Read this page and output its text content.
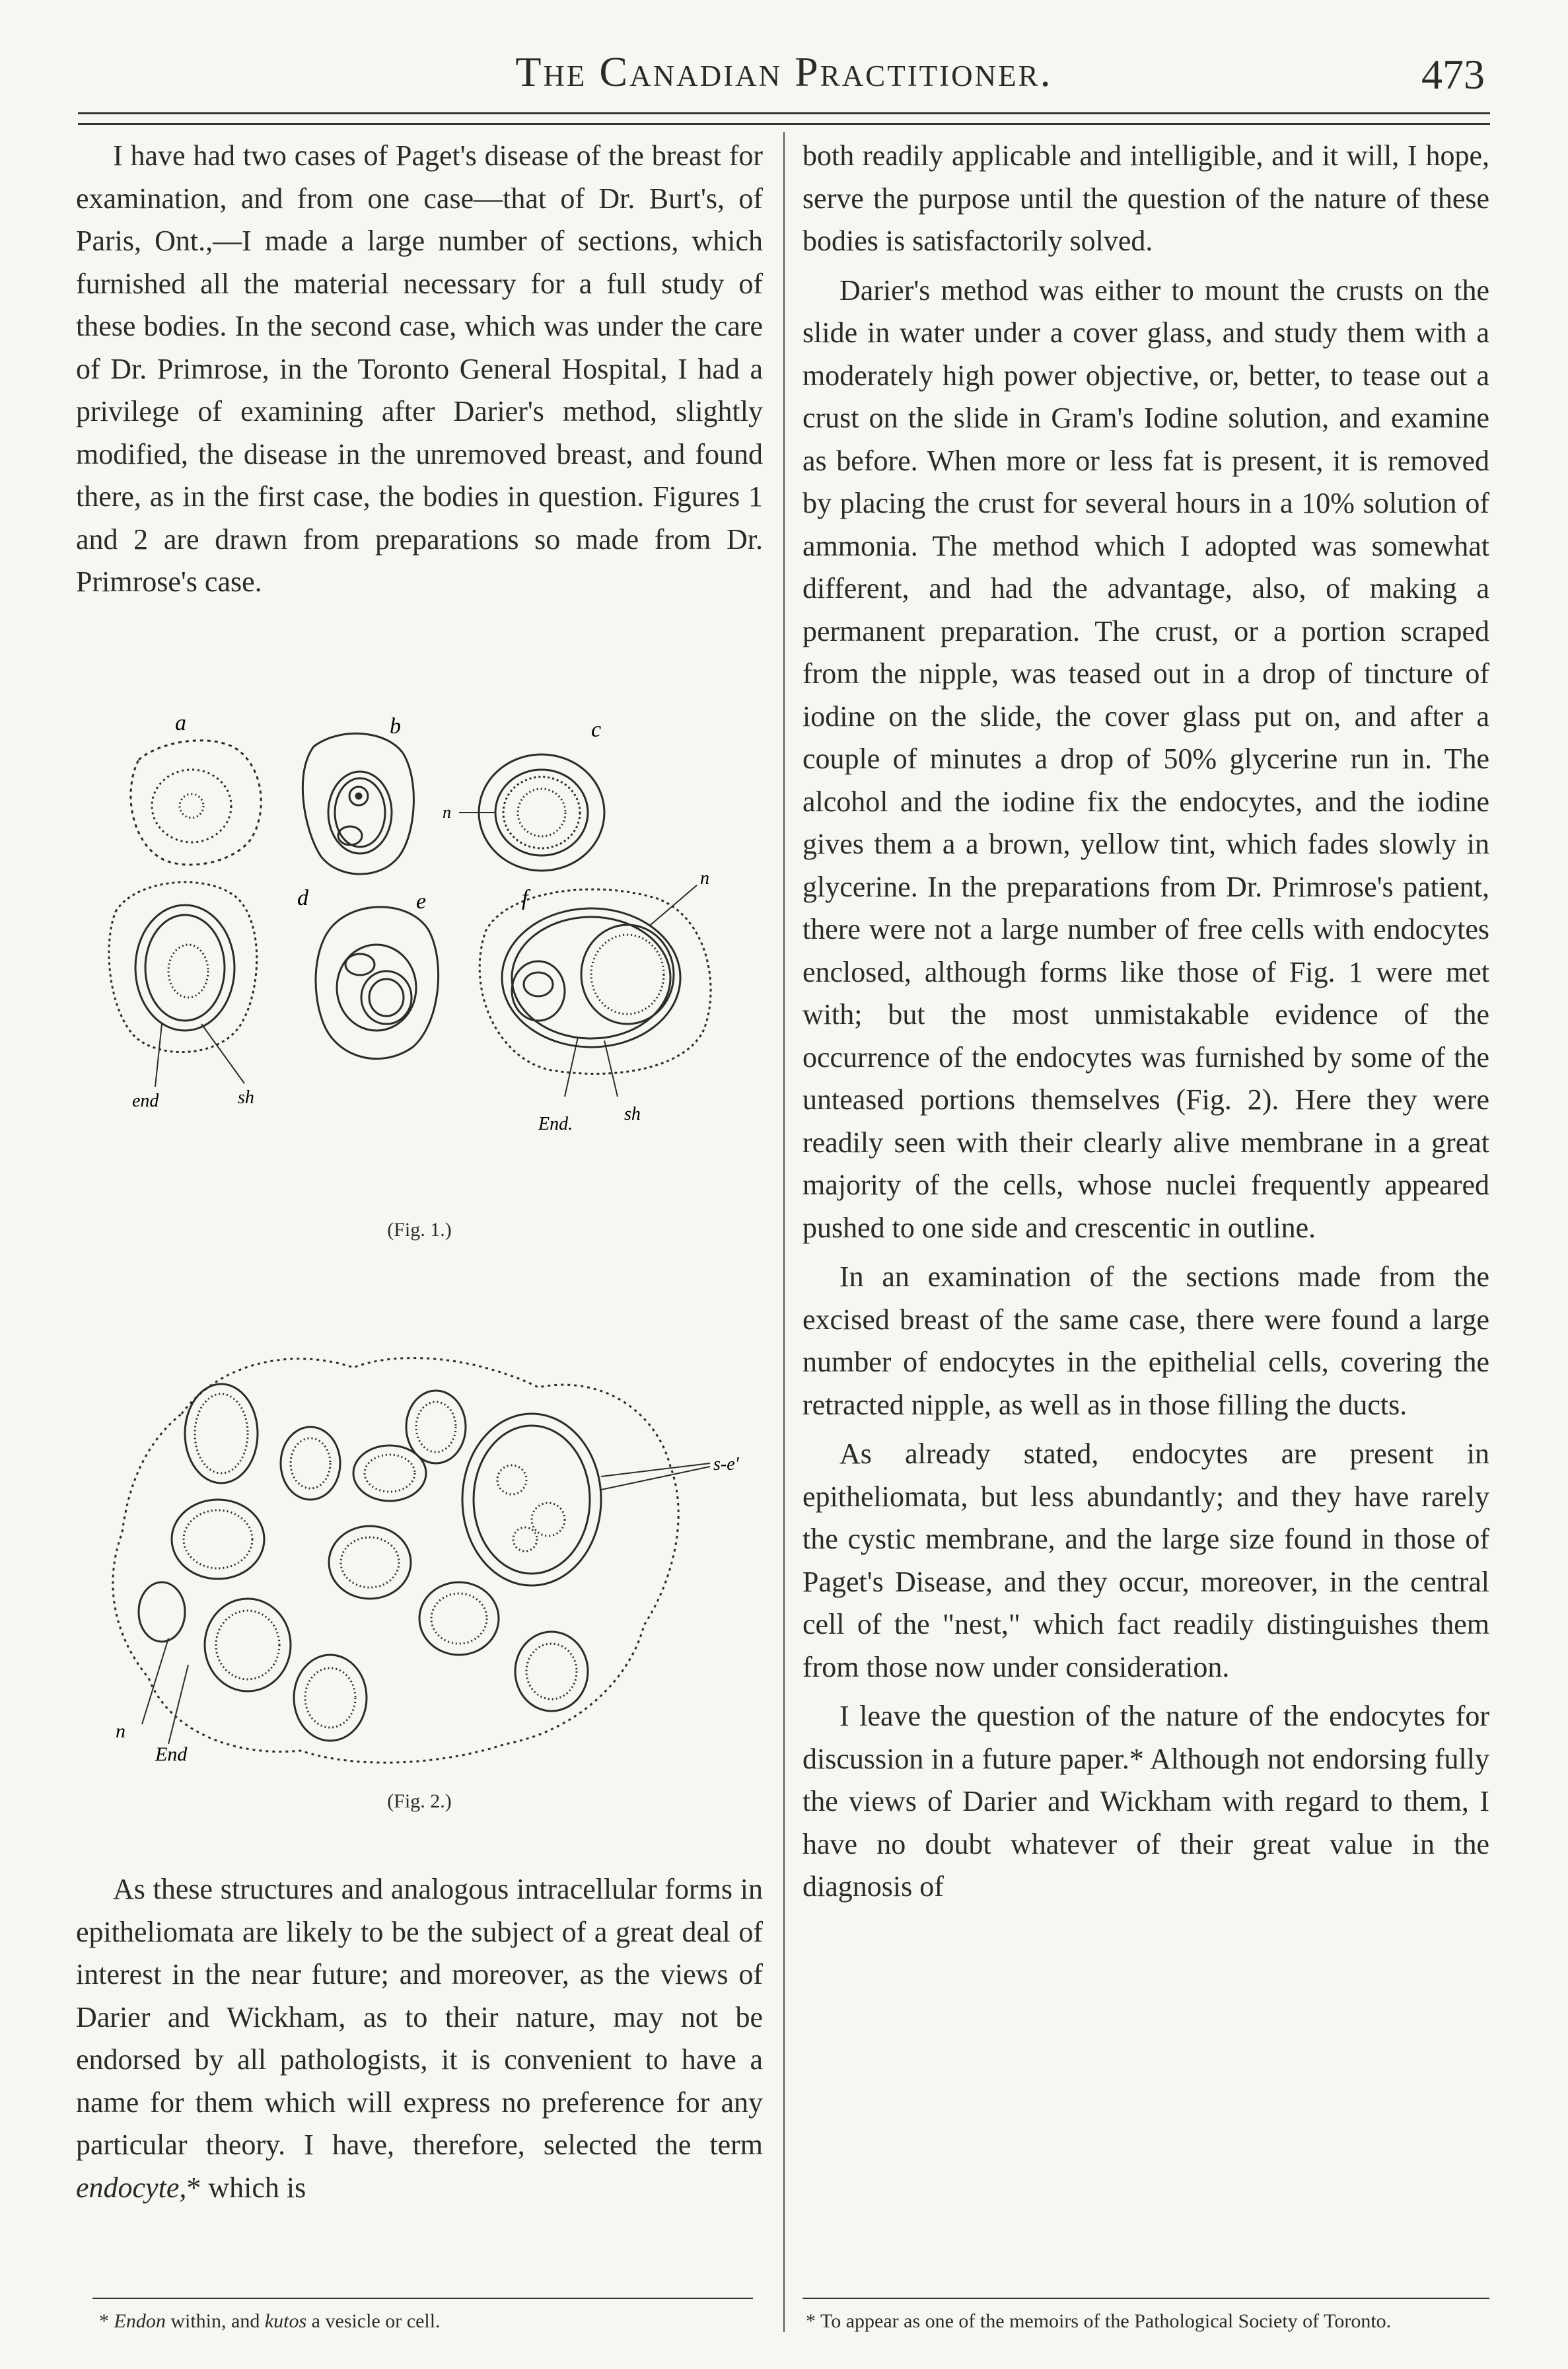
The Canadian Practitioner.	473

I have had two cases of Paget's disease of the breast for examination, and from one case—that of Dr. Burt's, of Paris, Ont.,—I made a large number of sections, which furnished all the material necessary for a full study of these bodies. In the second case, which was under the care of Dr. Primrose, in the Toronto General Hospital, I had a privilege of examining after Darier's method, slightly modified, the disease in the unremoved breast, and found there, as in the first case, the bodies in question. Figures 1 and 2 are drawn from preparations so made from Dr. Primrose's case.

a	b	c
n
d	e	f
n
end	sh
End.	sh
(Fig. 1.)
s-e'
n
End
(Fig. 2.)

As these structures and analogous intracellular forms in epitheliomata are likely to be the subject of a great deal of interest in the near future; and moreover, as the views of Darier and Wickham, as to their nature, may not be endorsed by all pathologists, it is convenient to have a name for them which will express no preference for any particular theory. I have, therefore, selected the term endocyte,* which is

both readily applicable and intelligible, and it will, I hope, serve the purpose until the question of the nature of these bodies is satisfactorily solved.

Darier's method was either to mount the crusts on the slide in water under a cover glass, and study them with a moderately high power objective, or, better, to tease out a crust on the slide in Gram's Iodine solution, and examine as before. When more or less fat is present, it is removed by placing the crust for several hours in a 10% solution of ammonia. The method which I adopted was somewhat different, and had the advantage, also, of making a permanent preparation. The crust, or a portion scraped from the nipple, was teased out in a drop of tincture of iodine on the slide, the cover glass put on, and after a couple of minutes a drop of 50% glycerine run in. The alcohol and the iodine fix the endocytes, and the iodine gives them a a brown, yellow tint, which fades slowly in glycerine. In the preparations from Dr. Primrose's patient, there were not a large number of free cells with endocytes enclosed, although forms like those of Fig. 1 were met with; but the most unmistakable evidence of the occurrence of the endocytes was furnished by some of the unteased portions themselves (Fig. 2). Here they were readily seen with their clearly alive membrane in a great majority of the cells, whose nuclei frequently appeared pushed to one side and crescentic in outline.

In an examination of the sections made from the excised breast of the same case, there were found a large number of endocytes in the epithelial cells, covering the retracted nipple, as well as in those filling the ducts.

As already stated, endocytes are present in epitheliomata, but less abundantly; and they have rarely the cystic membrane, and the large size found in those of Paget's Disease, and they occur, moreover, in the central cell of the "nest," which fact readily distinguishes them from those now under consideration.

I leave the question of the nature of the endocytes for discussion in a future paper.* Although not endorsing fully the views of Darier and Wickham with regard to them, I have no doubt whatever of their great value in the diagnosis of

* Endon within, and kutos a vesicle or cell.	* To appear as one of the memoirs of the Pathological Society of Toronto.
